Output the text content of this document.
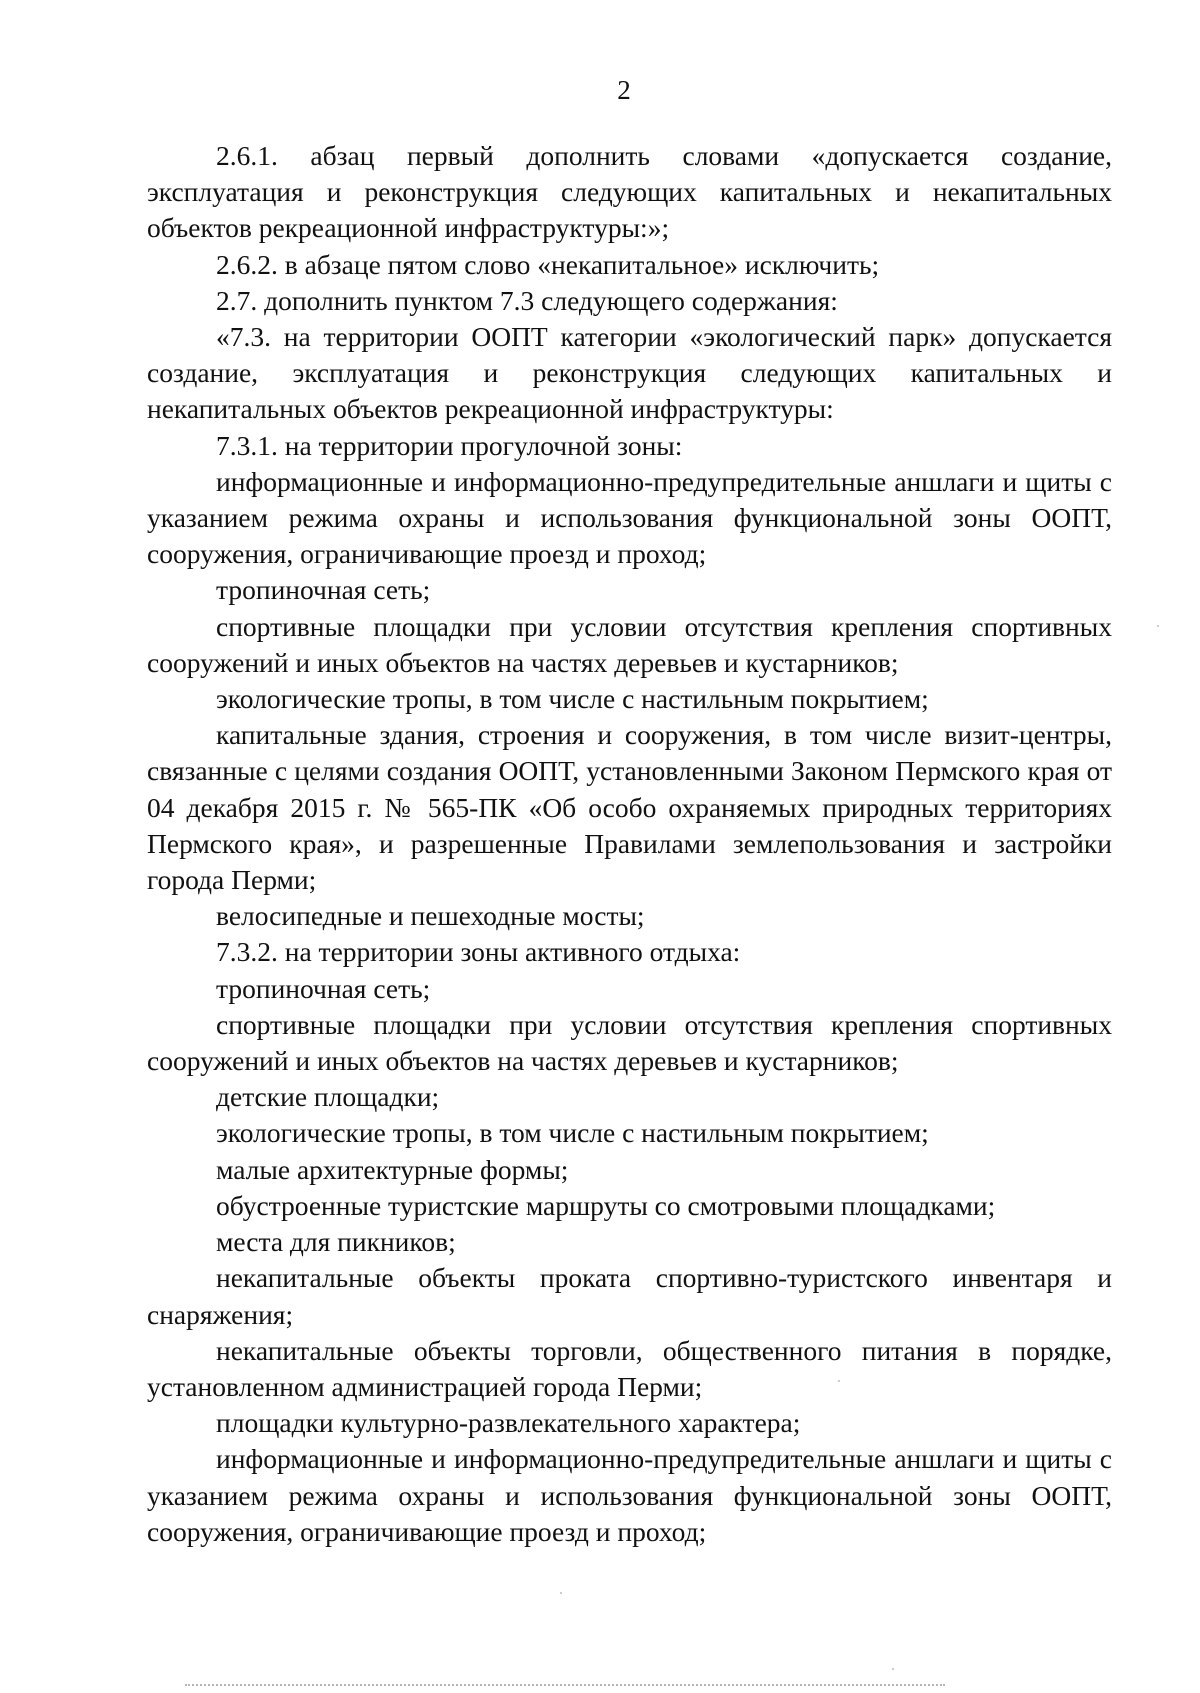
2

2.6.1. абзац первый дополнить словами «допускается создание, эксплуатация и реконструкция следующих капитальных и некапитальных объектов рекреационной инфраструктуры:»;

2.6.2. в абзаце пятом слово «некапитальное» исключить;

2.7. дополнить пунктом 7.3 следующего содержания:

«7.3. на территории ООПТ категории «экологический парк» допускается создание, эксплуатация и реконструкция следующих капитальных и некапитальных объектов рекреационной инфраструктуры:

7.3.1. на территории прогулочной зоны:

информационные и информационно-предупредительные аншлаги и щиты с указанием режима охраны и использования функциональной зоны ООПТ, сооружения, ограничивающие проезд и проход;

тропиночная сеть;

спортивные площадки при условии отсутствия крепления спортивных сооружений и иных объектов на частях деревьев и кустарников;

экологические тропы, в том числе с настильным покрытием;

капитальные здания, строения и сооружения, в том числе визит-центры, связанные с целями создания ООПТ, установленными Законом Пермского края от 04 декабря 2015 г. № 565-ПК «Об особо охраняемых природных территориях Пермского края», и разрешенные Правилами землепользования и застройки города Перми;

велосипедные и пешеходные мосты;

7.3.2. на территории зоны активного отдыха:

тропиночная сеть;

спортивные площадки при условии отсутствия крепления спортивных сооружений и иных объектов на частях деревьев и кустарников;

детские площадки;

экологические тропы, в том числе с настильным покрытием;

малые архитектурные формы;

обустроенные туристские маршруты со смотровыми площадками;

места для пикников;

некапитальные объекты проката спортивно-туристского инвентаря и снаряжения;

некапитальные объекты торговли, общественного питания в порядке, установленном администрацией города Перми;

площадки культурно-развлекательного характера;

информационные и информационно-предупредительные аншлаги и щиты с указанием режима охраны и использования функциональной зоны ООПТ, сооружения, ограничивающие проезд и проход;
